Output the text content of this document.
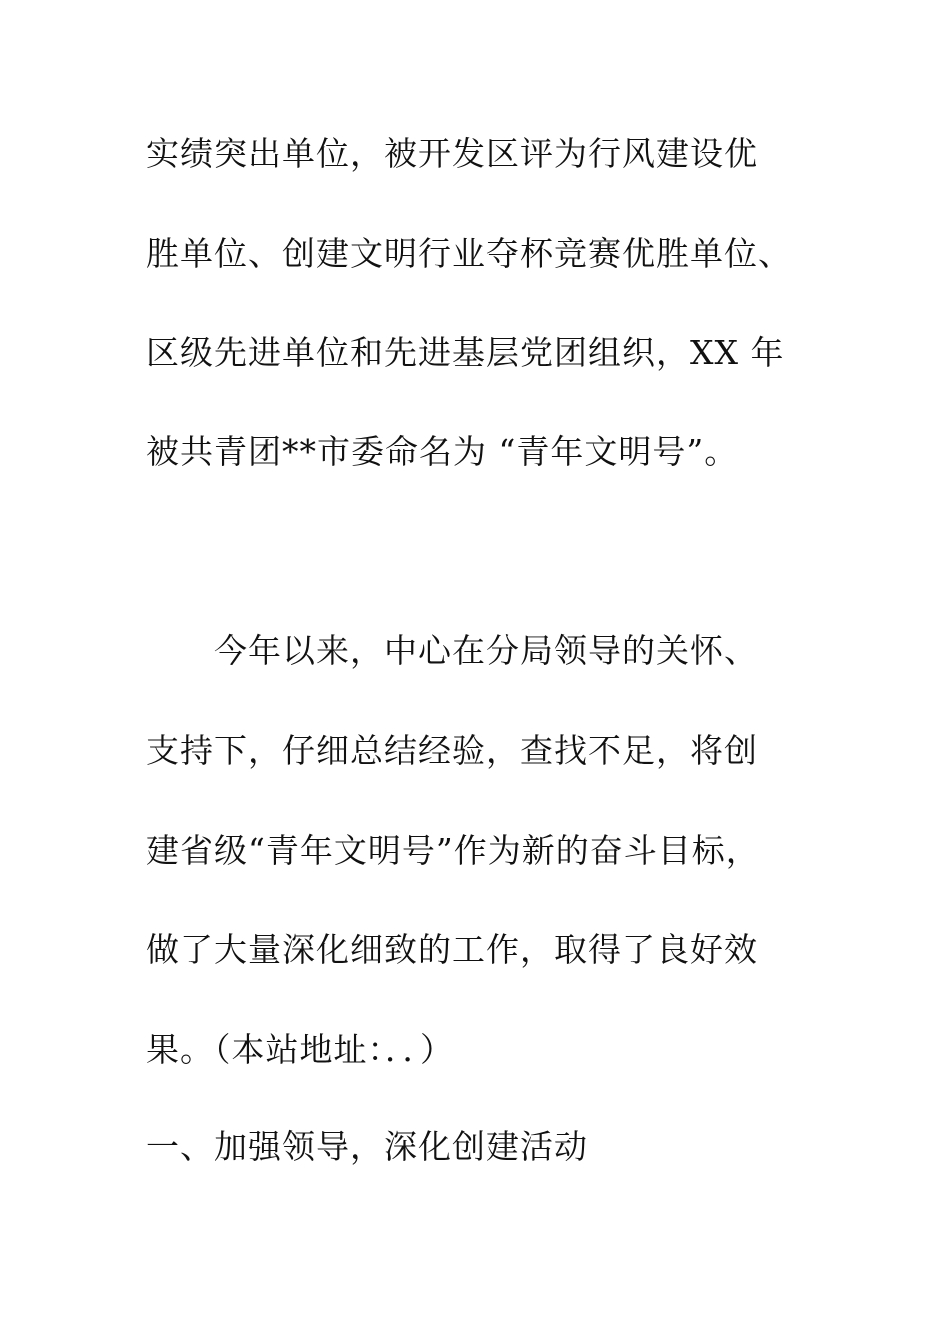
实绩突出单位，被开发区评为行风建设优
胜单位、创建文明行业夺杯竞赛优胜单位、
区级先进单位和先进基层党团组织，XX 年
被共青团**市委命名为 “青年文明号”。
　　今年以来，中心在分局领导的关怀、
支持下，仔细总结经验，查找不足，将创
建省级“青年文明号”作为新的奋斗目标，
做了大量深化细致的工作，取得了良好效
果。（本站地址：．．）
一、加强领导，深化创建活动
